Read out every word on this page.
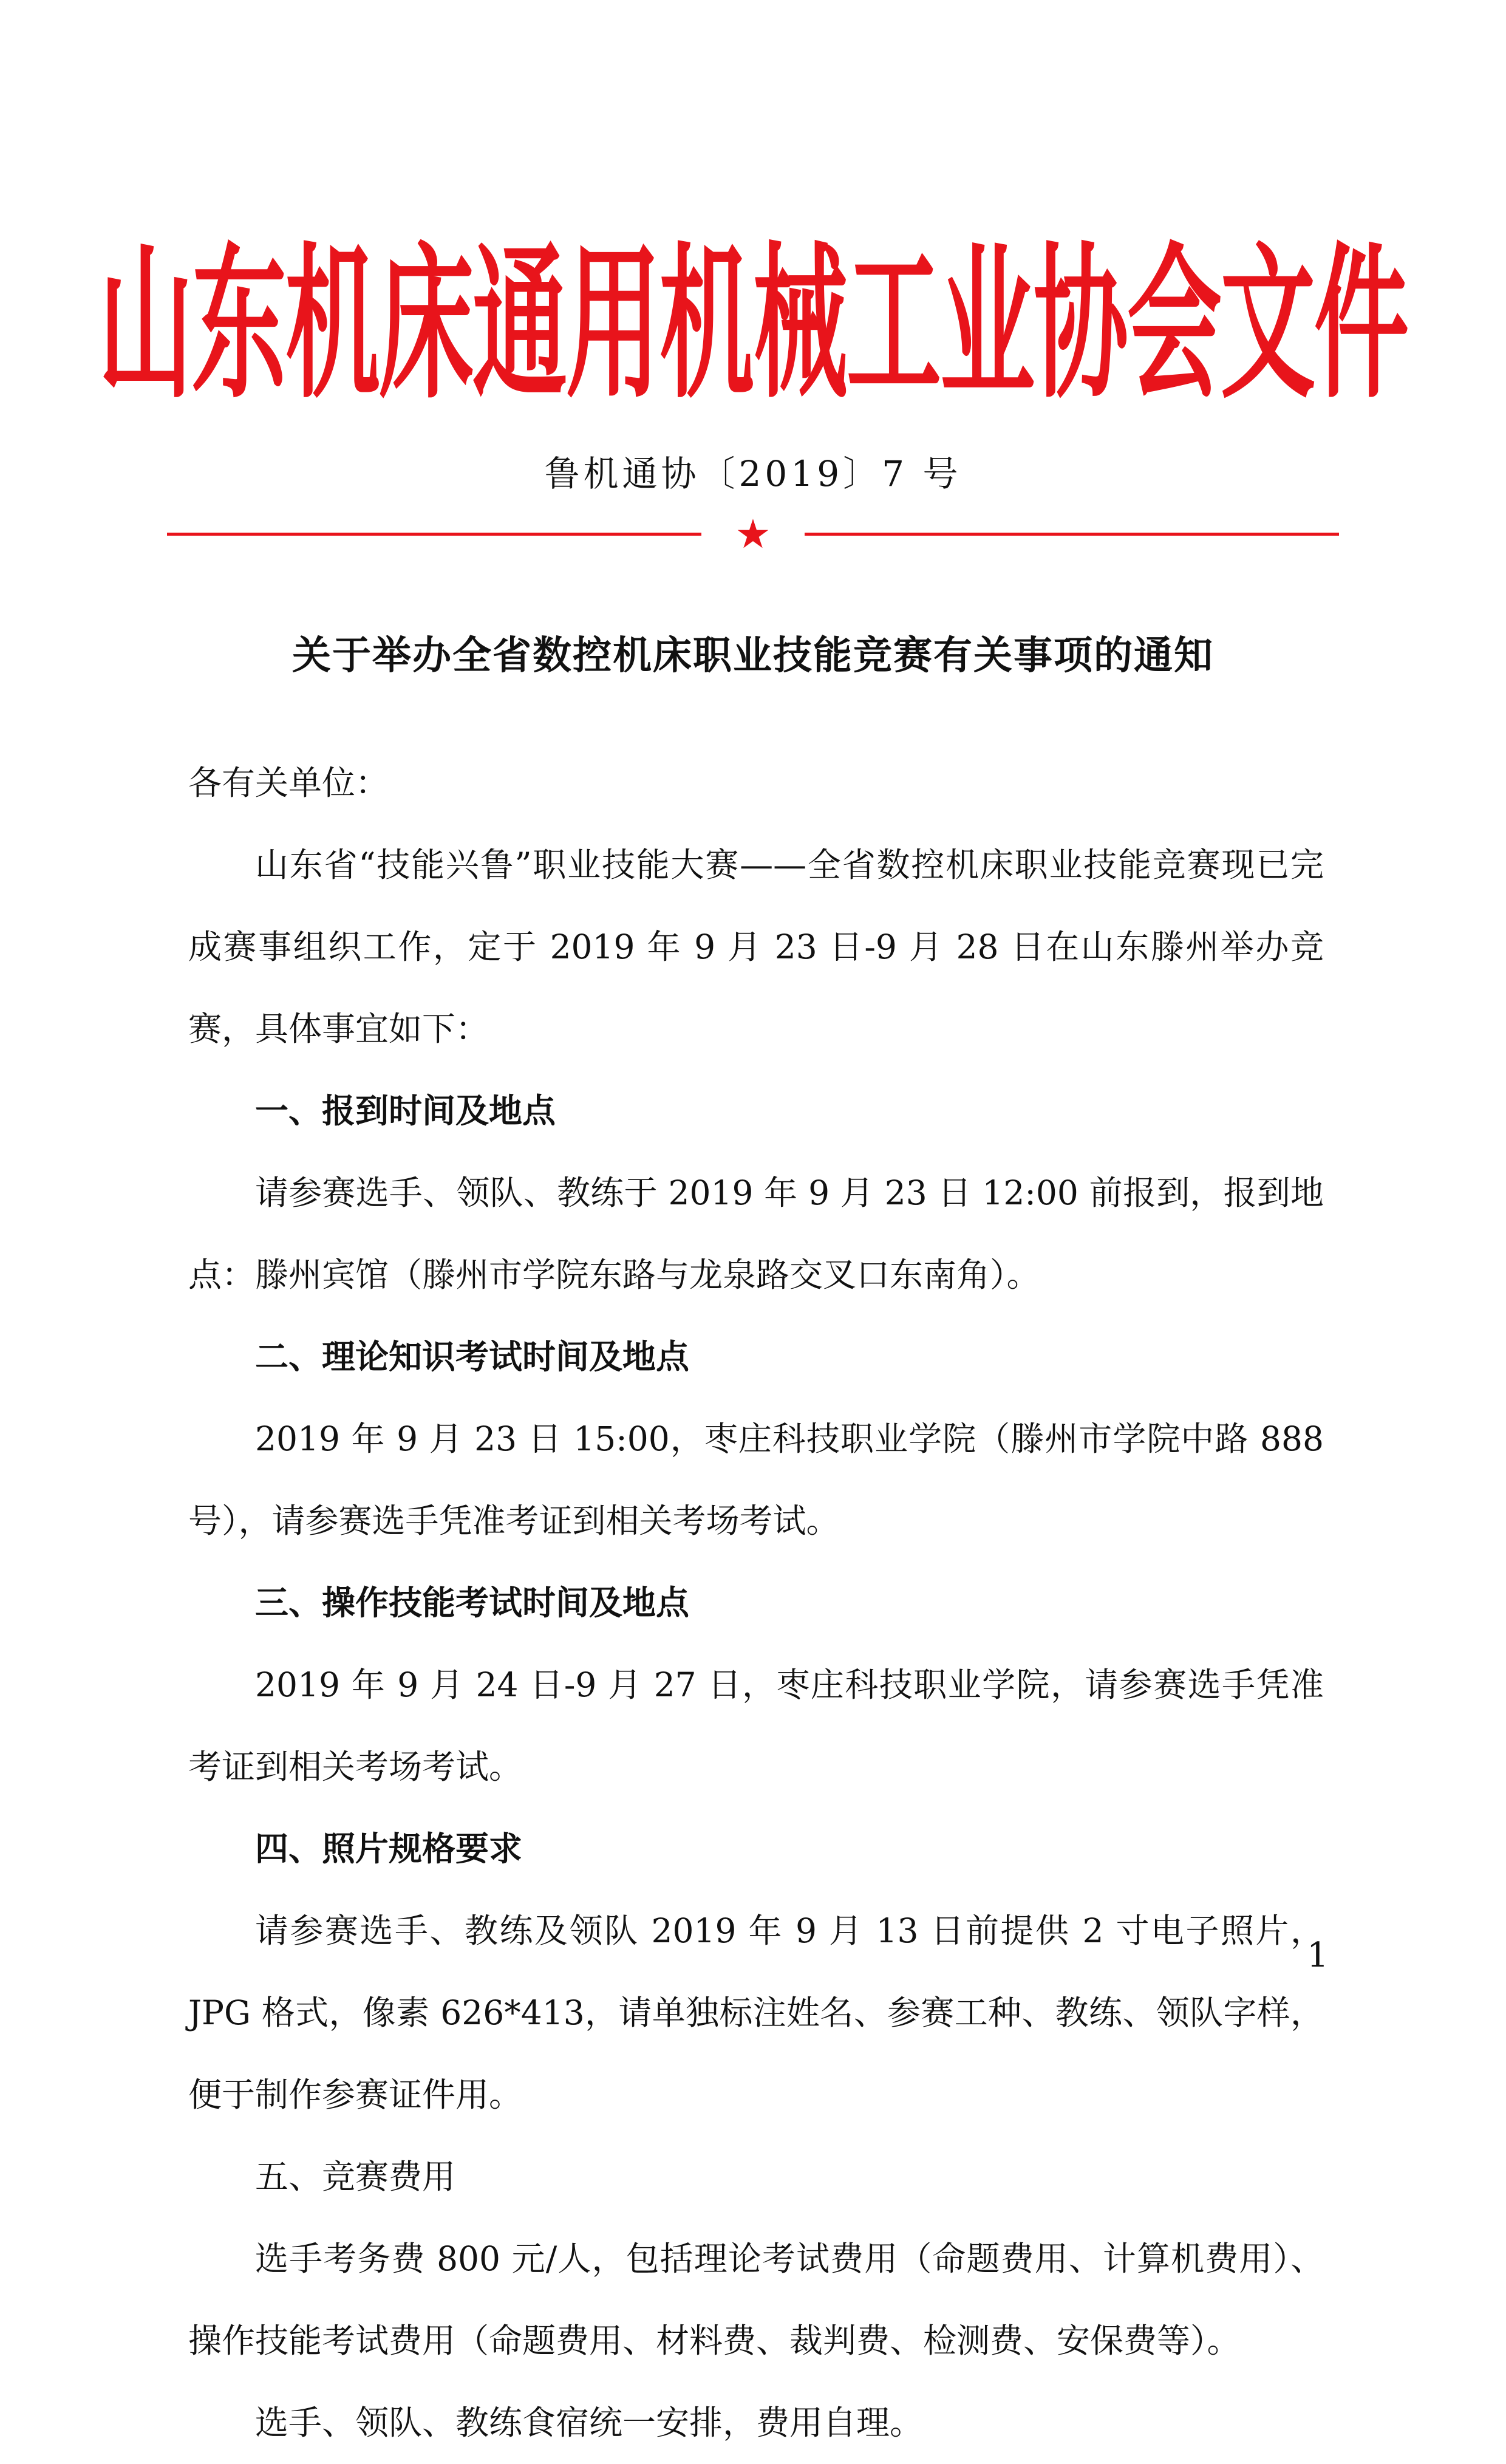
山东机床通用机械工业协会文件
鲁机通协〔2019〕7 号
★
关于举办全省数控机床职业技能竞赛有关事项的通知

各有关单位：

山东省“技能兴鲁”职业技能大赛——全省数控机床职业技能竞赛现已完成赛事组织工作，定于 2019 年 9 月 23 日-9 月 28 日在山东滕州举办竞赛，具体事宜如下：

一、报到时间及地点

请参赛选手、领队、教练于 2019 年 9 月 23 日 12:00 前报到，报到地点：滕州宾馆（滕州市学院东路与龙泉路交叉口东南角）。

二、理论知识考试时间及地点

2019 年 9 月 23 日 15:00，枣庄科技职业学院（滕州市学院中路 888 号），请参赛选手凭准考证到相关考场考试。

三、操作技能考试时间及地点

2019 年 9 月 24 日-9 月 27 日，枣庄科技职业学院，请参赛选手凭准考证到相关考场考试。

四、照片规格要求

请参赛选手、教练及领队 2019 年 9 月 13 日前提供 2 寸电子照片，JPG 格式，像素 626*413，请单独标注姓名、参赛工种、教练、领队字样，便于制作参赛证件用。

五、竞赛费用

选手考务费 800 元/人，包括理论考试费用（命题费用、计算机费用）、操作技能考试费用（命题费用、材料费、裁判费、检测费、安保费等）。

选手、领队、教练食宿统一安排，费用自理。

1
